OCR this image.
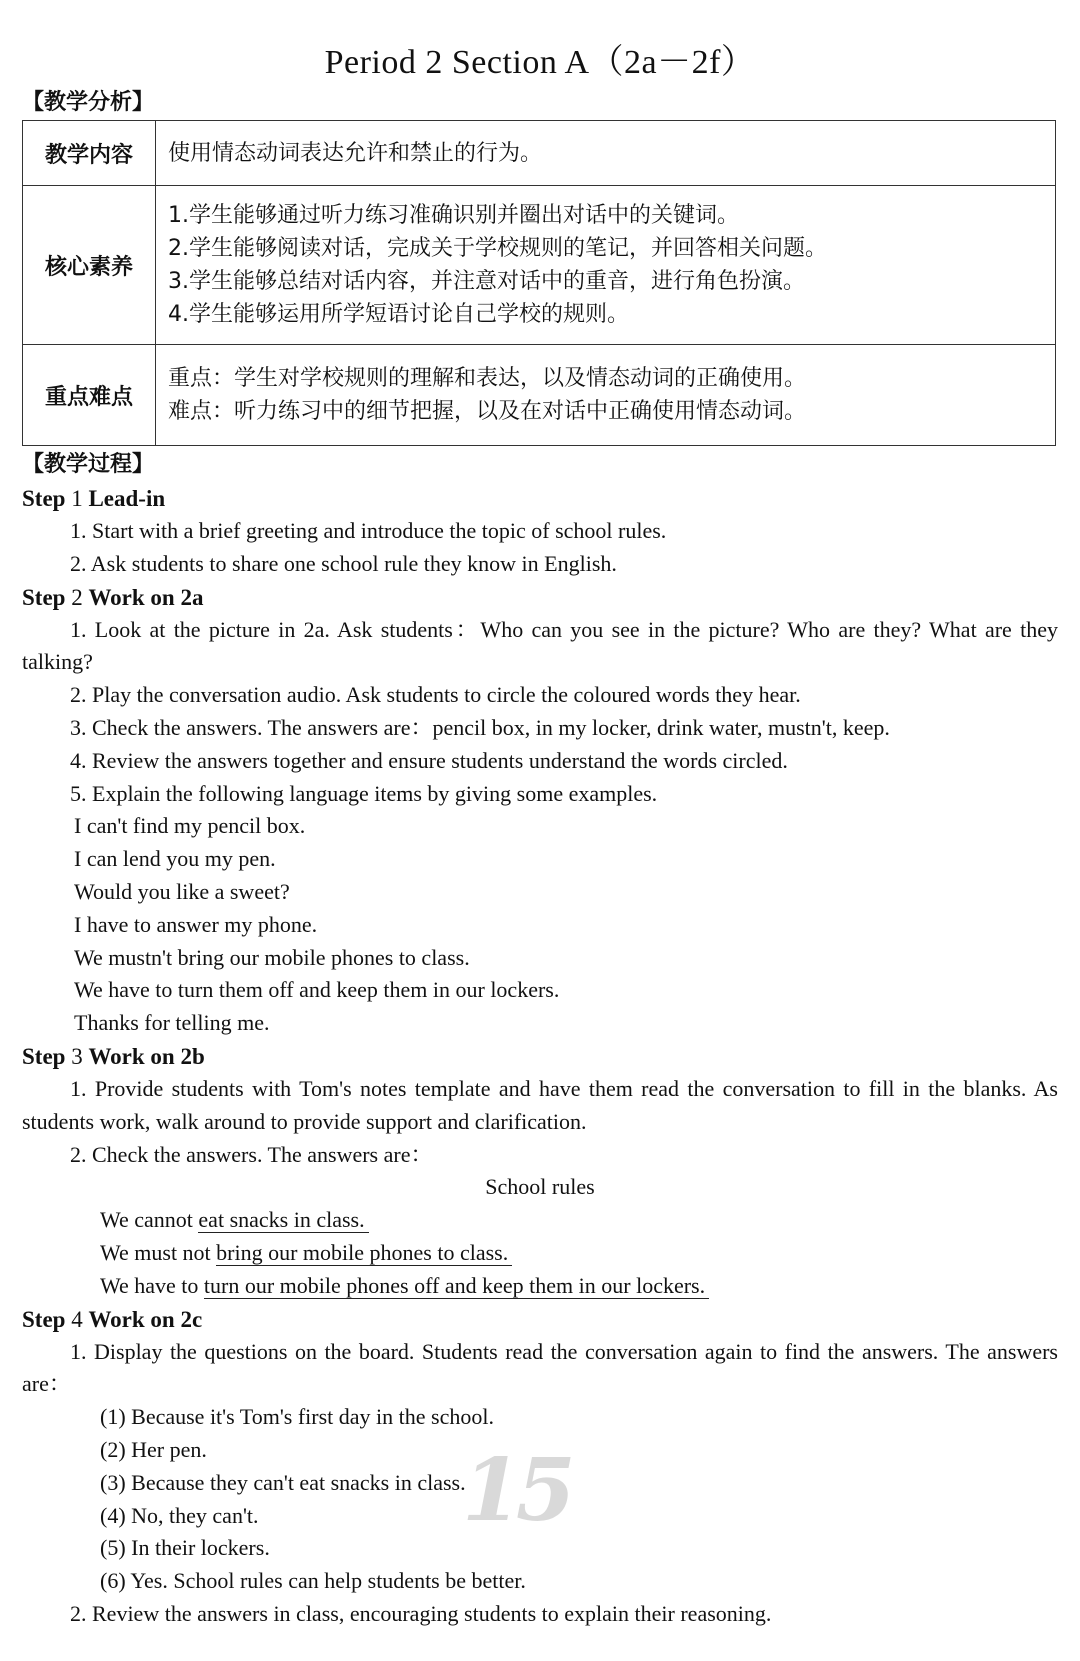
Period 2 Section A（2a－2f）
【教学分析】
教学内容	使用情态动词表达允许和禁止的行为。

核心素养	1.学生能够通过听力练习准确识别并圈出对话中的关键词。
2.学生能够阅读对话，完成关于学校规则的笔记，并回答相关问题。
3.学生能够总结对话内容，并注意对话中的重音，进行角色扮演。
4.学生能够运用所学短语讨论自己学校的规则。

重点难点	重点：学生对学校规则的理解和表达，以及情态动词的正确使用。
难点：听力练习中的细节把握，以及在对话中正确使用情态动词。
【教学过程】
Step 1 Lead-in
1. Start with a brief greeting and introduce the topic of school rules.
2. Ask students to share one school rule they know in English.
Step 2 Work on 2a
1. Look at the picture in 2a. Ask students：Who can you see in the picture? Who are they? What are they talking?
2. Play the conversation audio. Ask students to circle the coloured words they hear.
3. Check the answers. The answers are：pencil box, in my locker, drink water, mustn't, keep.
4. Review the answers together and ensure students understand the words circled.
5. Explain the following language items by giving some examples.
I can't find my pencil box.
I can lend you my pen.
Would you like a sweet?
I have to answer my phone.
We mustn't bring our mobile phones to class.
We have to turn them off and keep them in our lockers.
Thanks for telling me.
Step 3 Work on 2b
1. Provide students with Tom's notes template and have them read the conversation to fill in the blanks. As students work, walk around to provide support and clarification.
2. Check the answers. The answers are：
School rules
We cannot eat snacks in class.
We must not bring our mobile phones to class.
We have to turn our mobile phones off and keep them in our lockers.
Step 4 Work on 2c
1. Display the questions on the board. Students read the conversation again to find the answers. The answers are：
(1) Because it's Tom's first day in the school.
(2) Her pen.
(3) Because they can't eat snacks in class.
(4) No, they can't.
(5) In their lockers.
(6) Yes. School rules can help students be better.
2. Review the answers in class, encouraging students to explain their reasoning.
15
